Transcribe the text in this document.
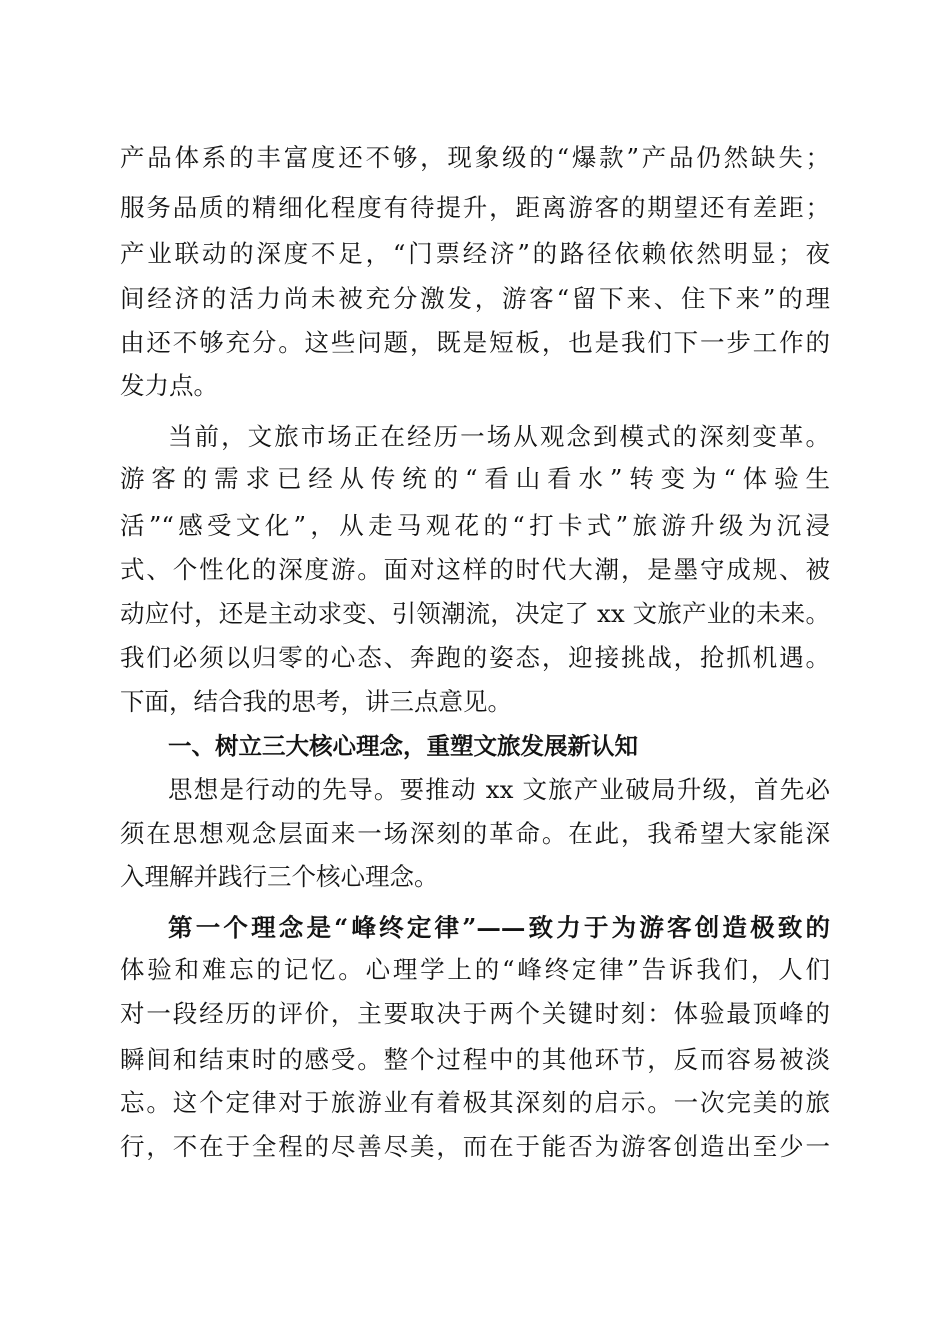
产品体系的丰富度还不够，现象级的“爆款”产品仍然缺失；
服务品质的精细化程度有待提升，距离游客的期望还有差距；
产业联动的深度不足，“门票经济”的路径依赖依然明显；夜
间经济的活力尚未被充分激发，游客“留下来、住下来”的理
由还不够充分。这些问题，既是短板，也是我们下一步工作的
发力点。
当前，文旅市场正在经历一场从观念到模式的深刻变革。
游客的需求已经从传统的“看山看水”转变为“体验生
活”“感受文化”，从走马观花的“打卡式”旅游升级为沉浸
式、个性化的深度游。面对这样的时代大潮，是墨守成规、被
动应付，还是主动求变、引领潮流，决定了 xx 文旅产业的未来。
我们必须以归零的心态、奔跑的姿态，迎接挑战，抢抓机遇。
下面，结合我的思考，讲三点意见。
一、树立三大核心理念，重塑文旅发展新认知
思想是行动的先导。要推动 xx 文旅产业破局升级，首先必
须在思想观念层面来一场深刻的革命。在此，我希望大家能深
入理解并践行三个核心理念。
第一个理念是“峰终定律”——致力于为游客创造极致的
体验和难忘的记忆。心理学上的“峰终定律”告诉我们，人们
对一段经历的评价，主要取决于两个关键时刻：体验最顶峰的
瞬间和结束时的感受。整个过程中的其他环节，反而容易被淡
忘。这个定律对于旅游业有着极其深刻的启示。一次完美的旅
行，不在于全程的尽善尽美，而在于能否为游客创造出至少一
